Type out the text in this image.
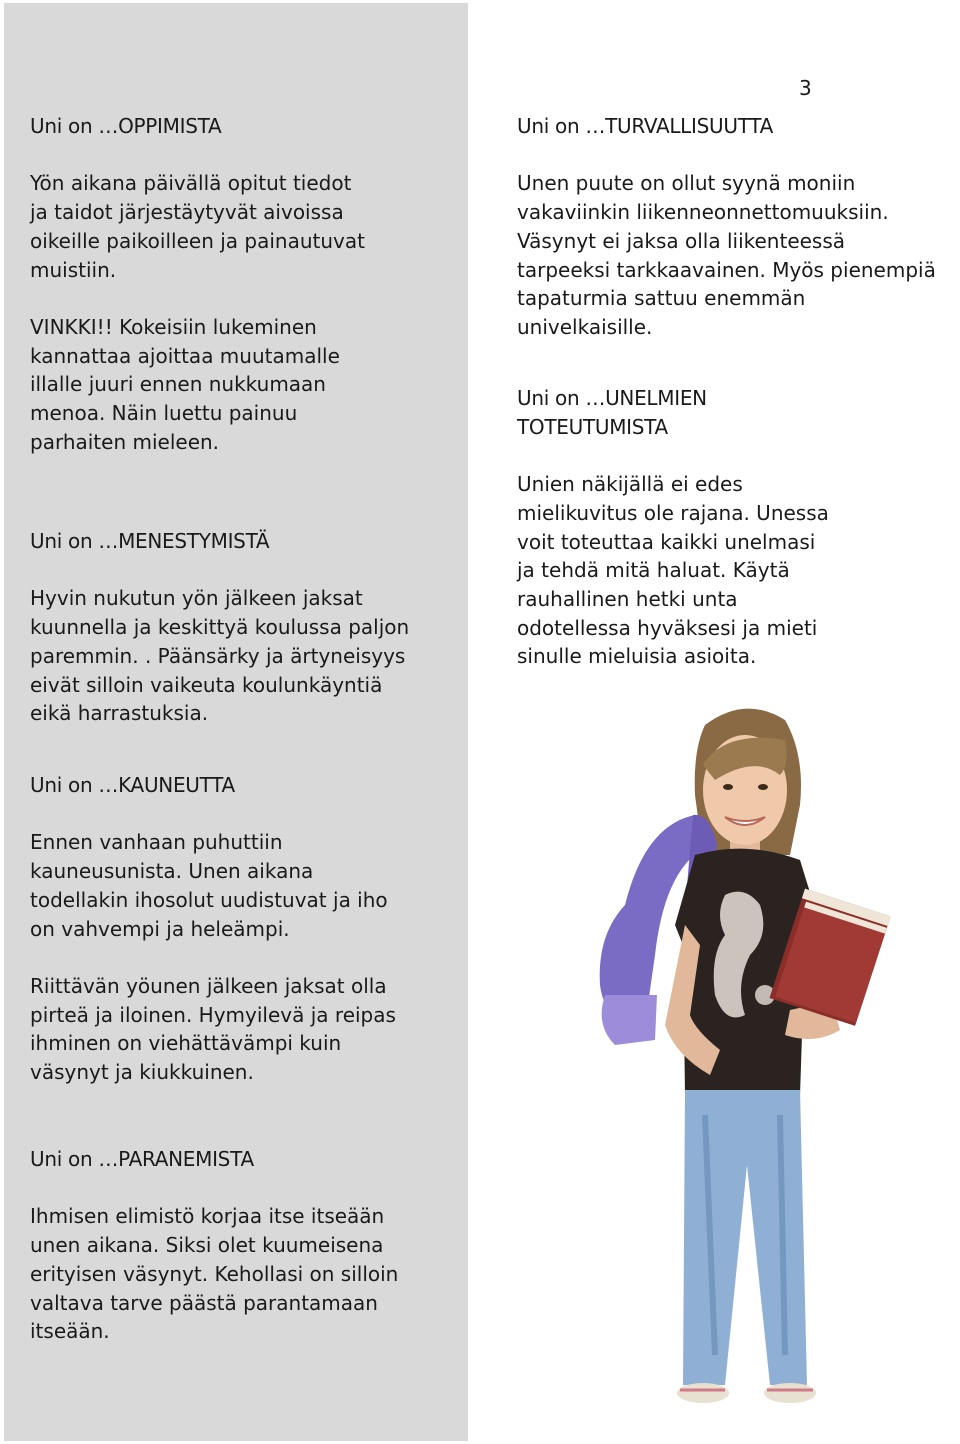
3

Uni on …OPPIMISTA

Yön aikana päivällä opitut tiedot
ja taidot järjestäytyvät aivoissa
oikeille paikoilleen ja painautuvat
muistiin.

VINKKI!! Kokeisiin lukeminen
kannattaa ajoittaa muutamalle
illalle juuri ennen nukkumaan
menoa. Näin luettu painuu
parhaiten mieleen.

Uni on …MENESTYMISTÄ

Hyvin nukutun yön jälkeen jaksat
kuunnella ja keskittyä koulussa paljon
paremmin. . Päänsärky ja ärtyneisyys
eivät silloin vaikeuta koulunkäyntiä
eikä harrastuksia.

Uni on …KAUNEUTTA

Ennen vanhaan puhuttiin
kauneusunista. Unen aikana
todellakin ihosolut uudistuvat ja iho
on vahvempi ja heleämpi.

Riittävän yöunen jälkeen jaksat olla
pirteä ja iloinen. Hymyilevä ja reipas
ihminen on viehättävämpi kuin
väsynyt ja kiukkuinen.

Uni on …PARANEMISTA

Ihmisen elimistö korjaa itse itseään
unen aikana. Siksi olet kuumeisena
erityisen väsynyt. Kehollasi on silloin
valtava tarve päästä parantamaan
itseään.

Uni on …TURVALLISUUTTA

Unen puute on ollut syynä moniin
vakaviinkin liikenneonnettomuuksiin.
Väsynyt ei jaksa olla liikenteessä
tarpeeksi tarkkaavainen. Myös pienempiä
tapaturmia sattuu enemmän
univelkaisille.

Uni on …UNELMIEN
TOTEUTUMISTA

Unien näkijällä ei edes
mielikuvitus ole rajana. Unessa
voit toteuttaa kaikki unelmasi
ja tehdä mitä haluat. Käytä
rauhallinen hetki unta
odotellessa hyväksesi ja mieti
sinulle mieluisia asioita.
